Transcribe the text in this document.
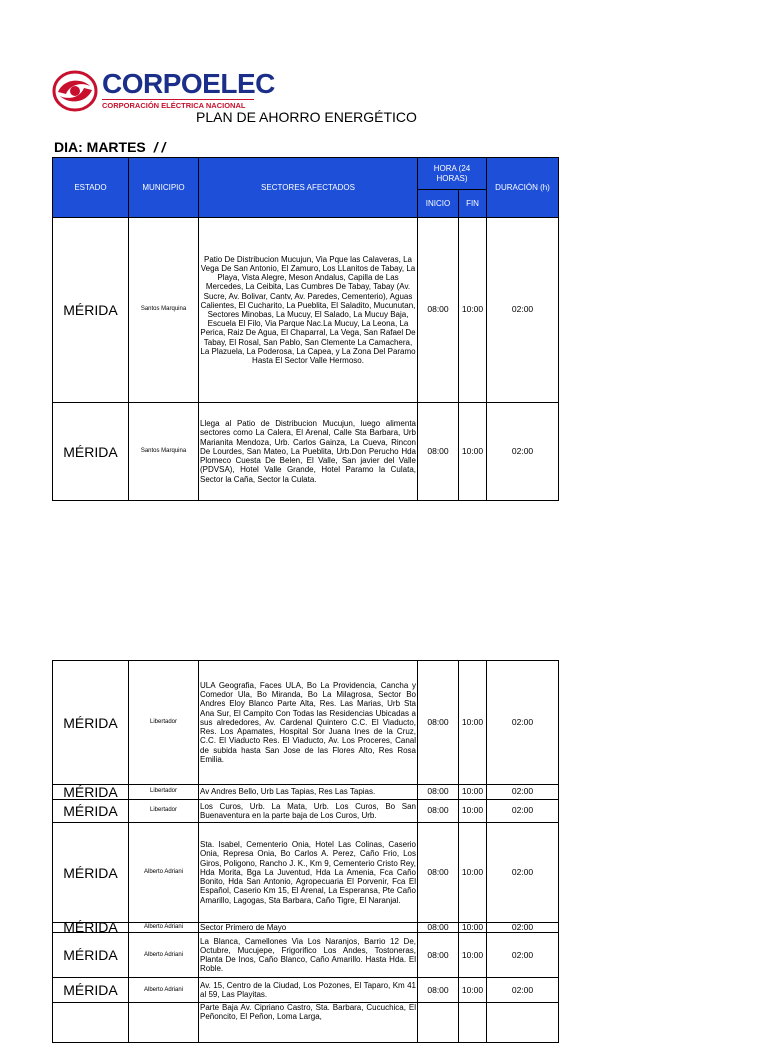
CORPOELEC
CORPORACIÓN ELÉCTRICA NACIONAL
PLAN DE AHORRO ENERGÉTICO
DIA: MARTES / /
ESTADO	MUNICIPIO	SECTORES AFECTADOS	HORA (24 HORAS)		DURACIÓN (h)
			INICIO	FIN	
MÉRIDA	Santos Marquina	Patio De Distribucion Mucujun, Via Pque las Calaveras, La Vega De San Antonio, El Zamuro, Los LLanitos de Tabay, La Playa, Vista Alegre, Meson Andalus, Capilla de Las Mercedes, La Ceibita, Las Cumbres De Tabay, Tabay (Av. Sucre, Av. Bolivar, Cantv, Av. Paredes, Cementerio), Aguas Calientes, El Cucharito, La Pueblita, El Saladito, Mucunutan, Sectores Minobas, La Mucuy, El Salado, La Mucuy Baja, Escuela El Filo, Via Parque Nac.La Mucuy, La Leona, La Perica, Raiz De Agua, El Chaparral, La Vega, San Rafael De Tabay, El Rosal, San Pablo, San Clemente La Camachera, La Plazuela, La Poderosa, La Capea, y La Zona Del Paramo Hasta El Sector Valle Hermoso.	08:00	10:00	02:00
MÉRIDA	Santos Marquina	Llega al Patio de Distribucion Mucujun, luego alimenta sectores como La Calera, El Arenal, Calle Sta Barbara, Urb Marianita Mendoza, Urb. Carlos Gainza, La Cueva, Rincon De Lourdes, San Mateo, La Pueblita, Urb.Don Perucho Hda Plomeco Cuesta De Belen, El Valle, San javier del Valle (PDVSA), Hotel Valle Grande, Hotel Paramo la Culata, Sector la Caña, Sector la Culata.	08:00	10:00	02:00
MÉRIDA	Libertador	ULA Geografia, Faces ULA, Bo La Providencia, Cancha y Comedor Ula, Bo Miranda, Bo La Milagrosa, Sector Bo Andres Eloy Blanco Parte Alta, Res. Las Marias, Urb Sta Ana Sur, El Campito Con Todas las Residencias Ubicadas a sus alrededores, Av. Cardenal Quintero C.C. El Viaducto, Res. Los Apamates, Hospital Sor Juana Ines de la Cruz, C.C. El Viaducto Res. El Viaducto, Av. Los Proceres, Canal de subida hasta San Jose de las Flores Alto, Res Rosa Emilia.	08:00	10:00	02:00
MÉRIDA	Libertador	Av Andres Bello, Urb Las Tapias, Res Las Tapias.	08:00	10:00	02:00
MÉRIDA	Libertador	Los Curos, Urb. La Mata, Urb. Los Curos, Bo San Buenaventura en la parte baja de Los Curos, Urb.	08:00	10:00	02:00
MÉRIDA	Alberto Adriani	Sta. Isabel, Cementerio Onia, Hotel Las Colinas, Caserio Onia, Represa Onia, Bo Carlos A. Perez, Caño Frio, Los Giros, Poligono, Rancho J. K., Km 9, Cementerio Cristo Rey, Hda Morita, Bga La Juventud, Hda La Amenia, Fca Caño Bonito, Hda San Antonio, Agropecuaria El Porvenir, Fca El Español, Caserio Km 15, El Arenal, La Esperansa, Pte Caño Amarillo, Lagogas, Sta Barbara, Caño Tigre, El Naranjal.	08:00	10:00	02:00
MÉRIDA	Alberto Adriani	Sector Primero de Mayo	08:00	10:00	02:00
MÉRIDA	Alberto Adriani	La Blanca, Camellones Via Los Naranjos, Barrio 12 De, Octubre, Mucujepe, Frigorifico Los Andes, Tostoneras, Planta De Inos, Caño Blanco, Caño Amarillo. Hasta Hda. El Roble.	08:00	10:00	02:00
MÉRIDA	Alberto Adriani	Av. 15, Centro de la Ciudad, Los Pozones, El Taparo, Km 41 al 59, Las Playitas.	08:00	10:00	02:00
		Parte Baja Av. Cipriano Castro, Sta. Barbara, Cucuchica, El Peñoncito, El Peñon, Loma Larga,			
